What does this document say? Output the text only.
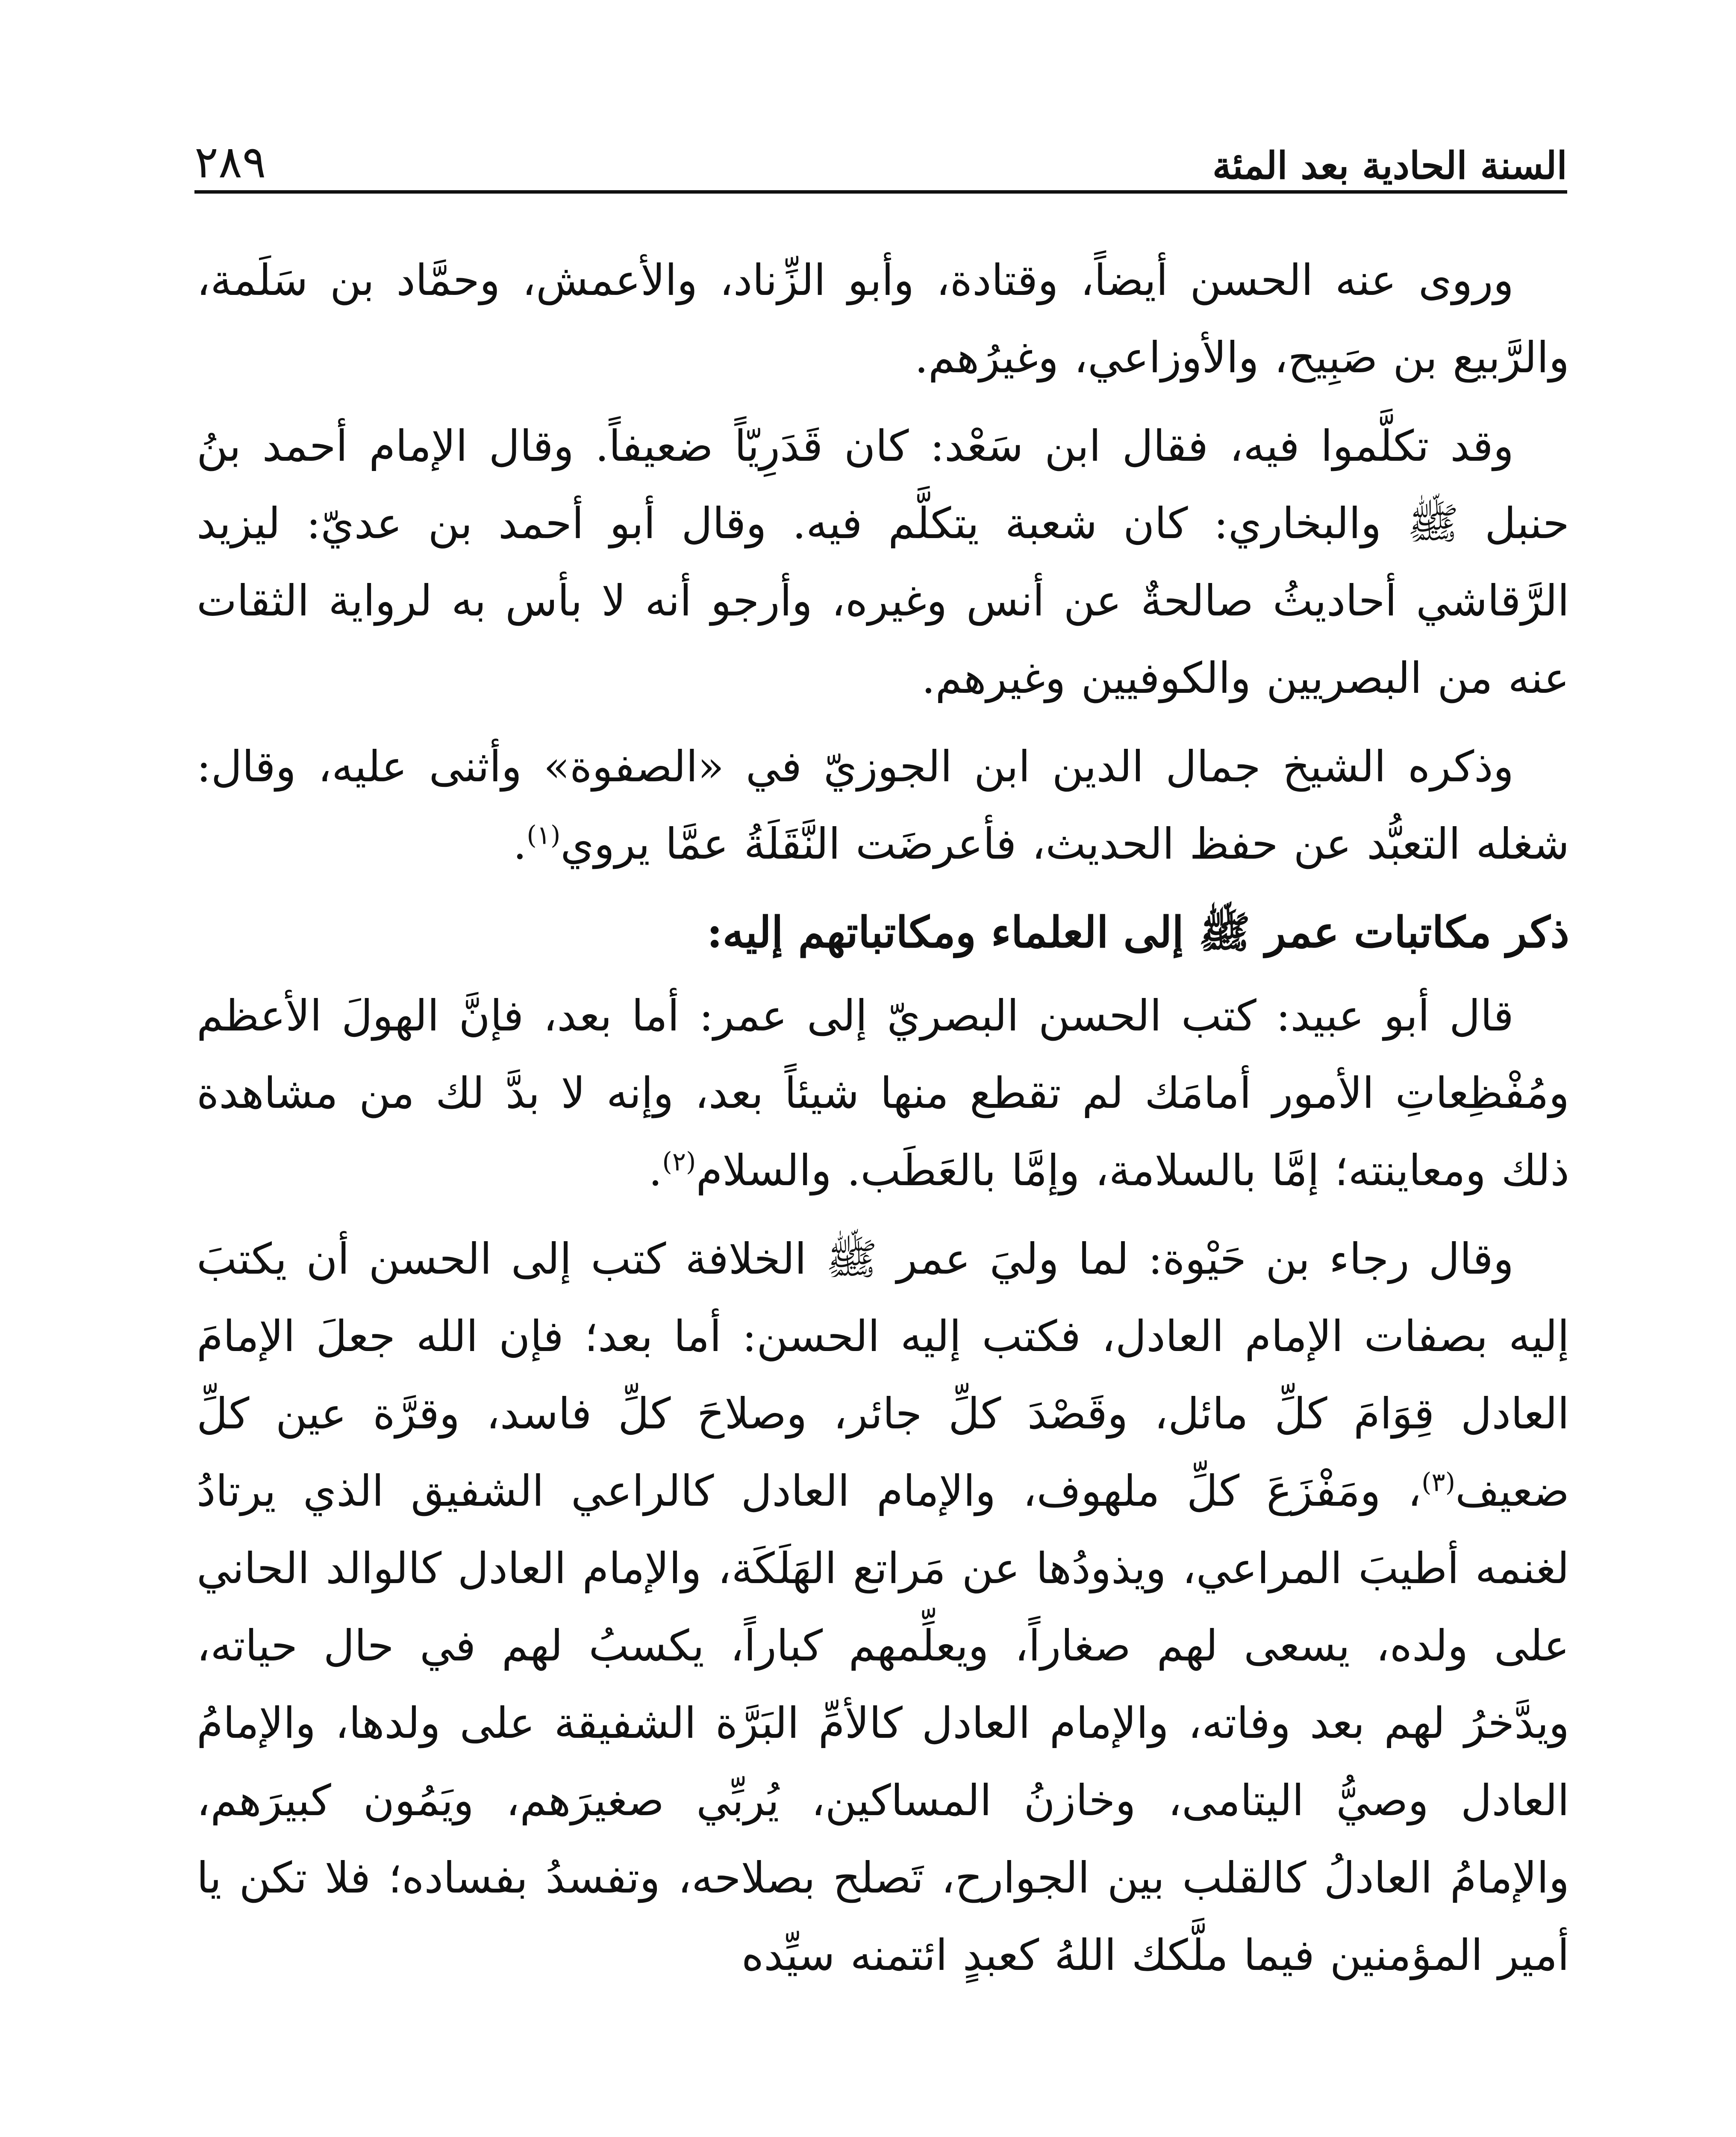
السنة الحادية بعد المئة
٢٨٩

وروى عنه الحسن أيضاً، وقتادة، وأبو الزِّناد، والأعمش، وحمَّاد بن سَلَمة، والرَّبيع بن صَبِيح، والأوزاعي، وغيرُهم.

وقد تكلَّموا فيه، فقال ابن سَعْد: كان قَدَرِيّاً ضعيفاً. وقال الإمام أحمد بنُ حنبل ﷺ والبخاري: كان شعبة يتكلَّم فيه. وقال أبو أحمد بن عديّ: ليزيد الرَّقاشي أحاديثُ صالحةٌ عن أنس وغيره، وأرجو أنه لا بأس به لرواية الثقات عنه من البصريين والكوفيين وغيرهم.

وذكره الشيخ جمال الدين ابن الجوزيّ في «الصفوة» وأثنى عليه، وقال: شغله التعبُّد عن حفظ الحديث، فأعرضَت النَّقَلَةُ عمَّا يروي$^{(١)}$.

ذكر مكاتبات عمر ﷺ إلى العلماء ومكاتباتهم إليه:

قال أبو عبيد: كتب الحسن البصريّ إلى عمر: أما بعد، فإنَّ الهولَ الأعظم ومُفْظِعاتِ الأمور أمامَك لم تقطع منها شيئاً بعد، وإنه لا بدَّ لك من مشاهدة ذلك ومعاينته؛ إمَّا بالسلامة، وإمَّا بالعَطَب. والسلام$^{(٢)}$.

وقال رجاء بن حَيْوة: لما وليَ عمر ﷺ الخلافة كتب إلى الحسن أن يكتبَ إليه بصفات الإمام العادل، فكتب إليه الحسن: أما بعد؛ فإن الله جعلَ الإمامَ العادل قِوَامَ كلِّ مائل، وقَصْدَ كلِّ جائر، وصلاحَ كلِّ فاسد، وقرَّة عين كلِّ ضعيف$^{(٣)}$، ومَفْزَعَ كلِّ ملهوف، والإمام العادل كالراعي الشفيق الذي يرتادُ لغنمه أطيبَ المراعي، ويذودُها عن مَراتع الهَلَكَة، والإمام العادل كالوالد الحاني على ولده، يسعى لهم صغاراً، ويعلِّمهم كباراً، يكسبُ لهم في حال حياته، ويدَّخرُ لهم بعد وفاته، والإمام العادل كالأمِّ البَرَّة الشفيقة على ولدها، والإمامُ العادل وصيُّ اليتامى، وخازنُ المساكين، يُربِّي صغيرَهم، ويَمُون كبيرَهم، والإمامُ العادلُ كالقلب بين الجوارح، تَصلح بصلاحه، وتفسدُ بفساده؛ فلا تكن يا أمير المؤمنين فيما ملَّكك اللهُ كعبدٍ ائتمنه سيِّده
